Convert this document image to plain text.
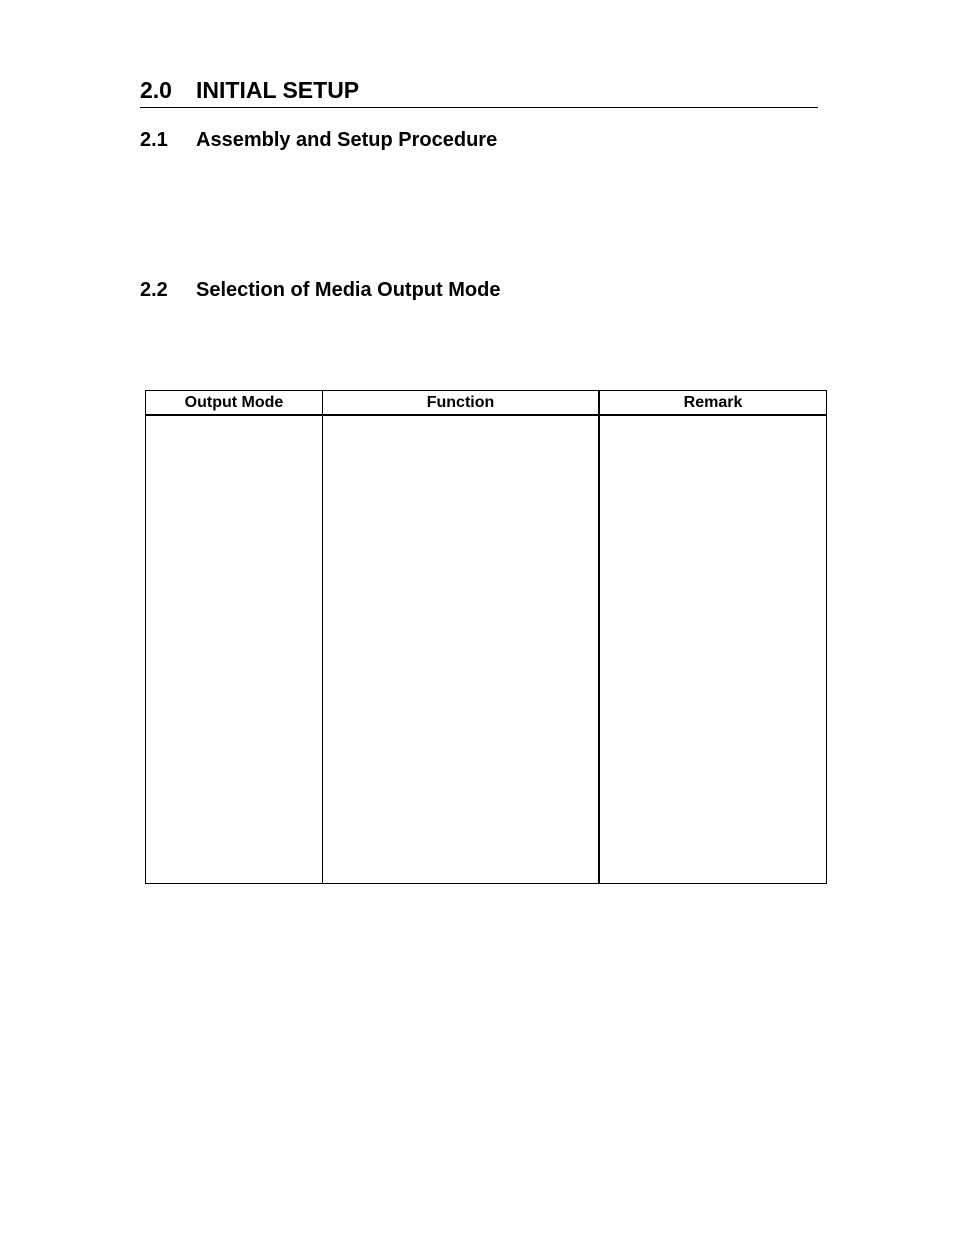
2.0 INITIAL SETUP
2.1 Assembly and Setup Procedure
2.2 Selection of Media Output Mode
Output Mode	Function	Remark
